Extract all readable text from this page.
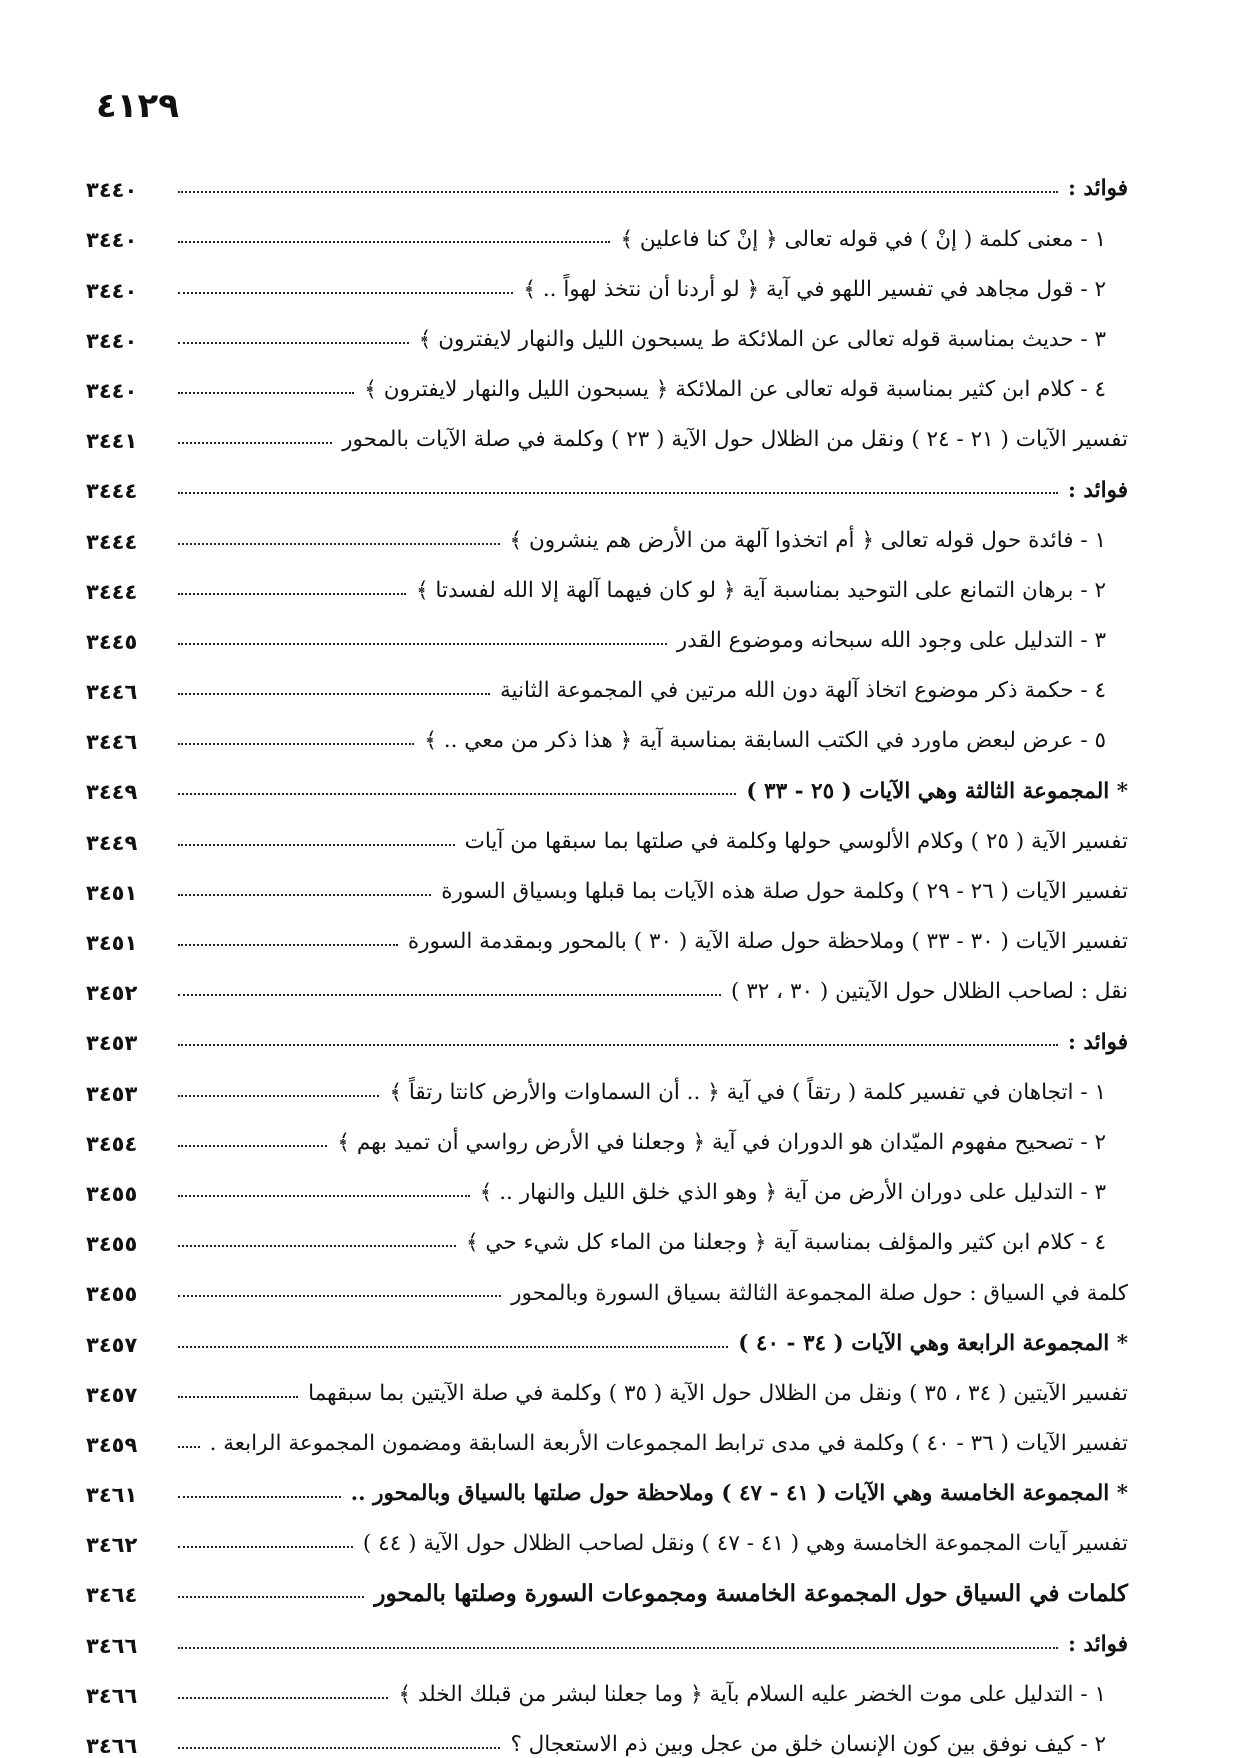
٤١٢٩
فوائد :
٣٤٤٠
١ - معنى كلمة ( إنْ ) في قوله تعالى ﴿ إنْ كنا فاعلين ﴾
٣٤٤٠
٢ - قول مجاهد في تفسير اللهو في آية ﴿ لو أردنا أن نتخذ لهواً .. ﴾
٣٤٤٠
٣ - حديث بمناسبة قوله تعالى عن الملائكة ط يسبحون الليل والنهار لايفترون ﴾
٣٤٤٠
٤ - كلام ابن كثير بمناسبة قوله تعالى عن الملائكة ﴿ يسبحون الليل والنهار لايفترون ﴾
٣٤٤٠
تفسير الآيات ( ٢١ - ٢٤ ) ونقل من الظلال حول الآية ( ٢٣ ) وكلمة في صلة الآيات بالمحور
٣٤٤١
فوائد :
٣٤٤٤
١ - فائدة حول قوله تعالى ﴿ أم اتخذوا آلهة من الأرض هم ينشرون ﴾
٣٤٤٤
٢ - برهان التمانع على التوحيد بمناسبة آية ﴿ لو كان فيهما آلهة إلا الله لفسدتا ﴾
٣٤٤٤
٣ - التدليل على وجود الله سبحانه وموضوع القدر
٣٤٤٥
٤ - حكمة ذكر موضوع اتخاذ آلهة دون الله مرتين في المجموعة الثانية
٣٤٤٦
٥ - عرض لبعض ماورد في الكتب السابقة بمناسبة آية ﴿ هذا ذكر من معي .. ﴾
٣٤٤٦
* المجموعة الثالثة وهي الآيات ( ٢٥ - ٣٣ )
٣٤٤٩
تفسير الآية ( ٢٥ ) وكلام الألوسي حولها وكلمة في صلتها بما سبقها من آيات
٣٤٤٩
تفسير الآيات ( ٢٦ - ٢٩ ) وكلمة حول صلة هذه الآيات بما قبلها وبسياق السورة
٣٤٥١
تفسير الآيات ( ٣٠ - ٣٣ ) وملاحظة حول صلة الآية ( ٣٠ ) بالمحور وبمقدمة السورة
٣٤٥١
نقل : لصاحب الظلال حول الآيتين ( ٣٠ ، ٣٢ )
٣٤٥٢
فوائد :
٣٤٥٣
١ - اتجاهان في تفسير كلمة ( رتقاً ) في آية ﴿ .. أن السماوات والأرض كانتا رتقاً ﴾
٣٤٥٣
٢ - تصحيح مفهوم الميّدان هو الدوران في آية ﴿ وجعلنا في الأرض رواسي أن تميد بهم ﴾
٣٤٥٤
٣ - التدليل على دوران الأرض من آية ﴿ وهو الذي خلق الليل والنهار .. ﴾
٣٤٥٥
٤ - كلام ابن كثير والمؤلف بمناسبة آية ﴿ وجعلنا من الماء كل شيء حي ﴾
٣٤٥٥
كلمة في السياق : حول صلة المجموعة الثالثة بسياق السورة وبالمحور
٣٤٥٥
* المجموعة الرابعة وهي الآيات ( ٣٤ - ٤٠ )
٣٤٥٧
تفسير الآيتين ( ٣٤ ، ٣٥ ) ونقل من الظلال حول الآية ( ٣٥ ) وكلمة في صلة الآيتين بما سبقهما
٣٤٥٧
تفسير الآيات ( ٣٦ - ٤٠ ) وكلمة في مدى ترابط المجموعات الأربعة السابقة ومضمون المجموعة الرابعة .
٣٤٥٩
* المجموعة الخامسة وهي الآيات ( ٤١ - ٤٧ ) وملاحظة حول صلتها بالسياق وبالمحور ..
٣٤٦١
تفسير آيات المجموعة الخامسة وهي ( ٤١ - ٤٧ ) ونقل لصاحب الظلال حول الآية ( ٤٤ )
٣٤٦٢
كلمات في السياق حول المجموعة الخامسة ومجموعات السورة وصلتها بالمحور
٣٤٦٤
فوائد :
٣٤٦٦
١ - التدليل على موت الخضر عليه السلام بآية ﴿ وما جعلنا لبشر من قبلك الخلد ﴾
٣٤٦٦
٢ - كيف نوفق بين كون الإنسان خلق من عجل وبين ذم الاستعجال ؟
٣٤٦٦
